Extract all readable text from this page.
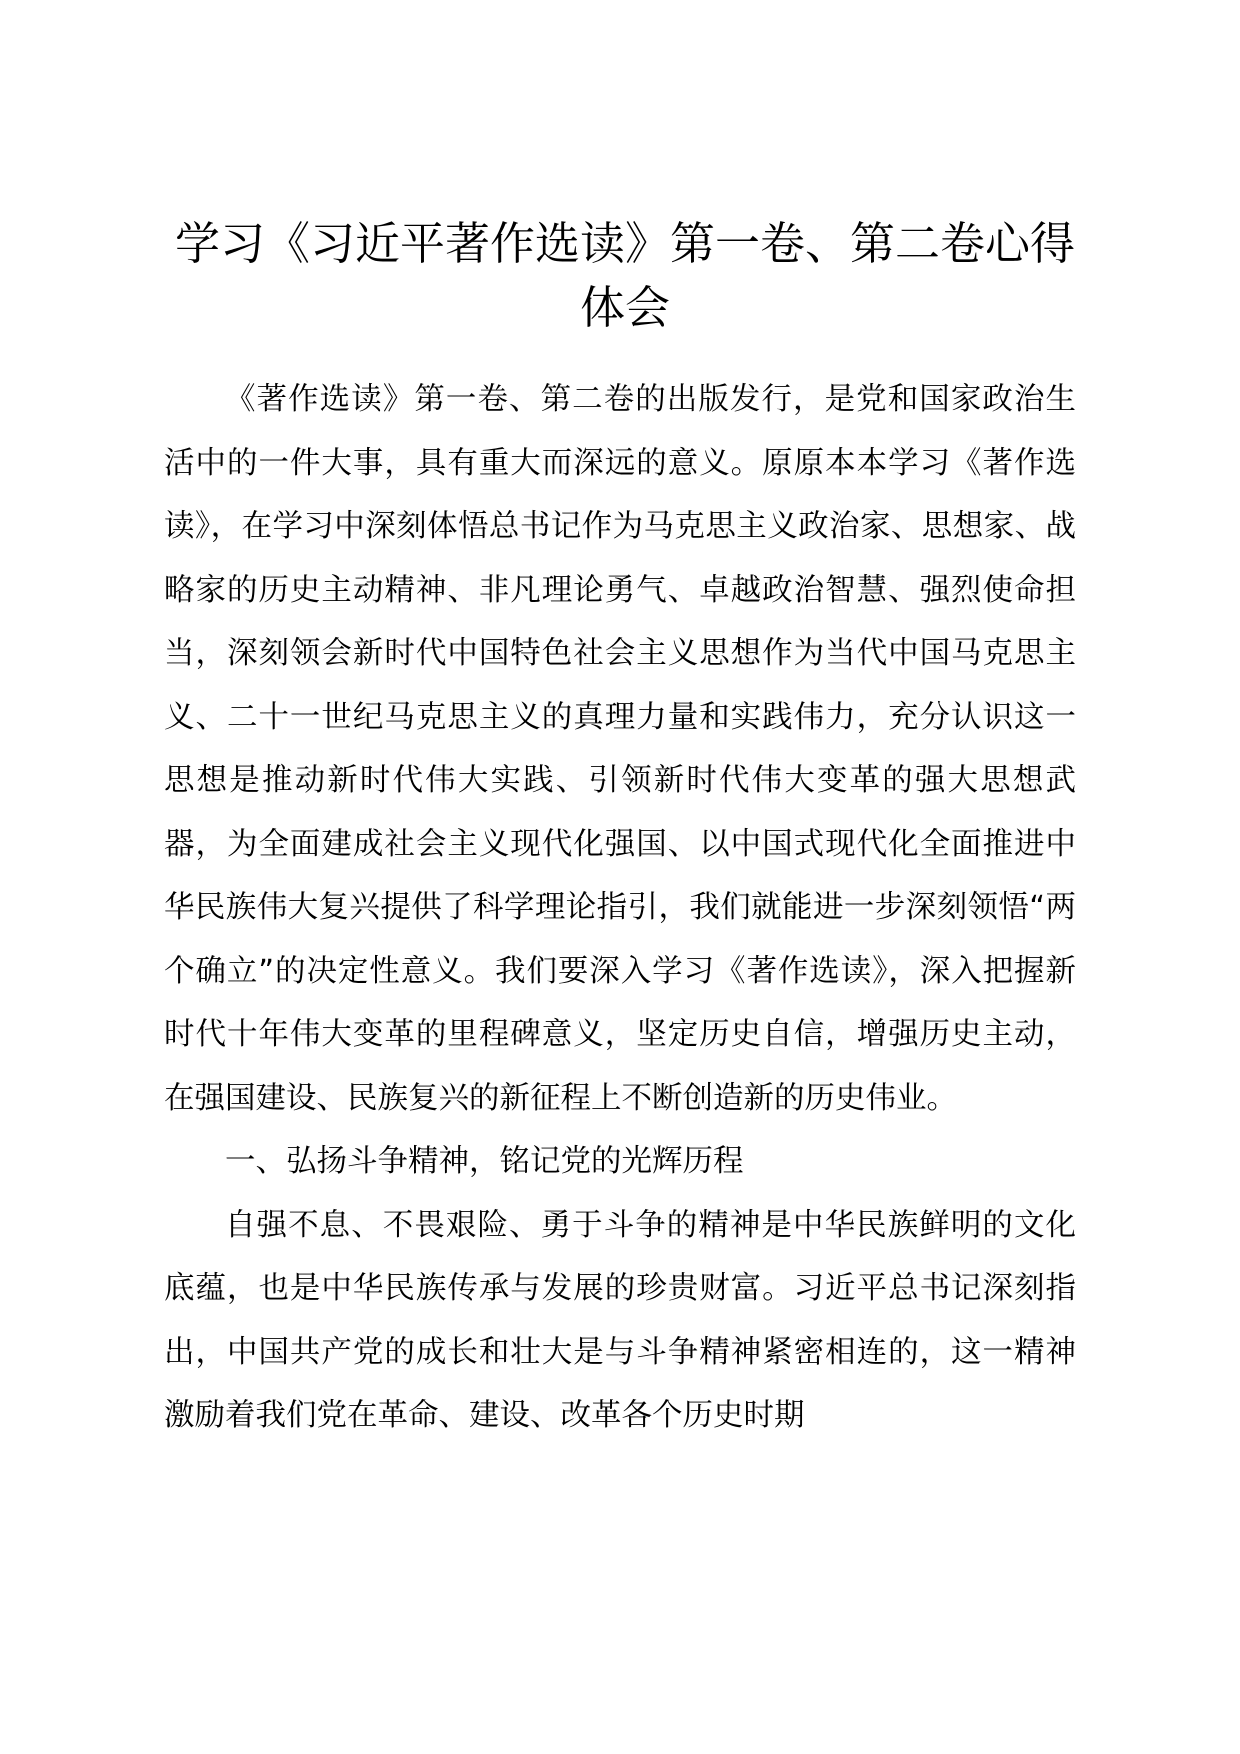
学习《习近平著作选读》第一卷、第二卷心得
体会

《著作选读》第一卷、第二卷的出版发行，是党和国家政治生活中的一件大事，具有重大而深远的意义。原原本本学习《著作选读》，在学习中深刻体悟总书记作为马克思主义政治家、思想家、战略家的历史主动精神、非凡理论勇气、卓越政治智慧、强烈使命担当，深刻领会新时代中国特色社会主义思想作为当代中国马克思主义、二十一世纪马克思主义的真理力量和实践伟力，充分认识这一思想是推动新时代伟大实践、引领新时代伟大变革的强大思想武器，为全面建成社会主义现代化强国、以中国式现代化全面推进中华民族伟大复兴提供了科学理论指引，我们就能进一步深刻领悟“两个确立”的决定性意义。我们要深入学习《著作选读》，深入把握新时代十年伟大变革的里程碑意义，坚定历史自信，增强历史主动，在强国建设、民族复兴的新征程上不断创造新的历史伟业。

一、弘扬斗争精神，铭记党的光辉历程

自强不息、不畏艰险、勇于斗争的精神是中华民族鲜明的文化底蕴，也是中华民族传承与发展的珍贵财富。习近平总书记深刻指出，中国共产党的成长和壮大是与斗争精神紧密相连的，这一精神激励着我们党在革命、建设、改革各个历史时期
